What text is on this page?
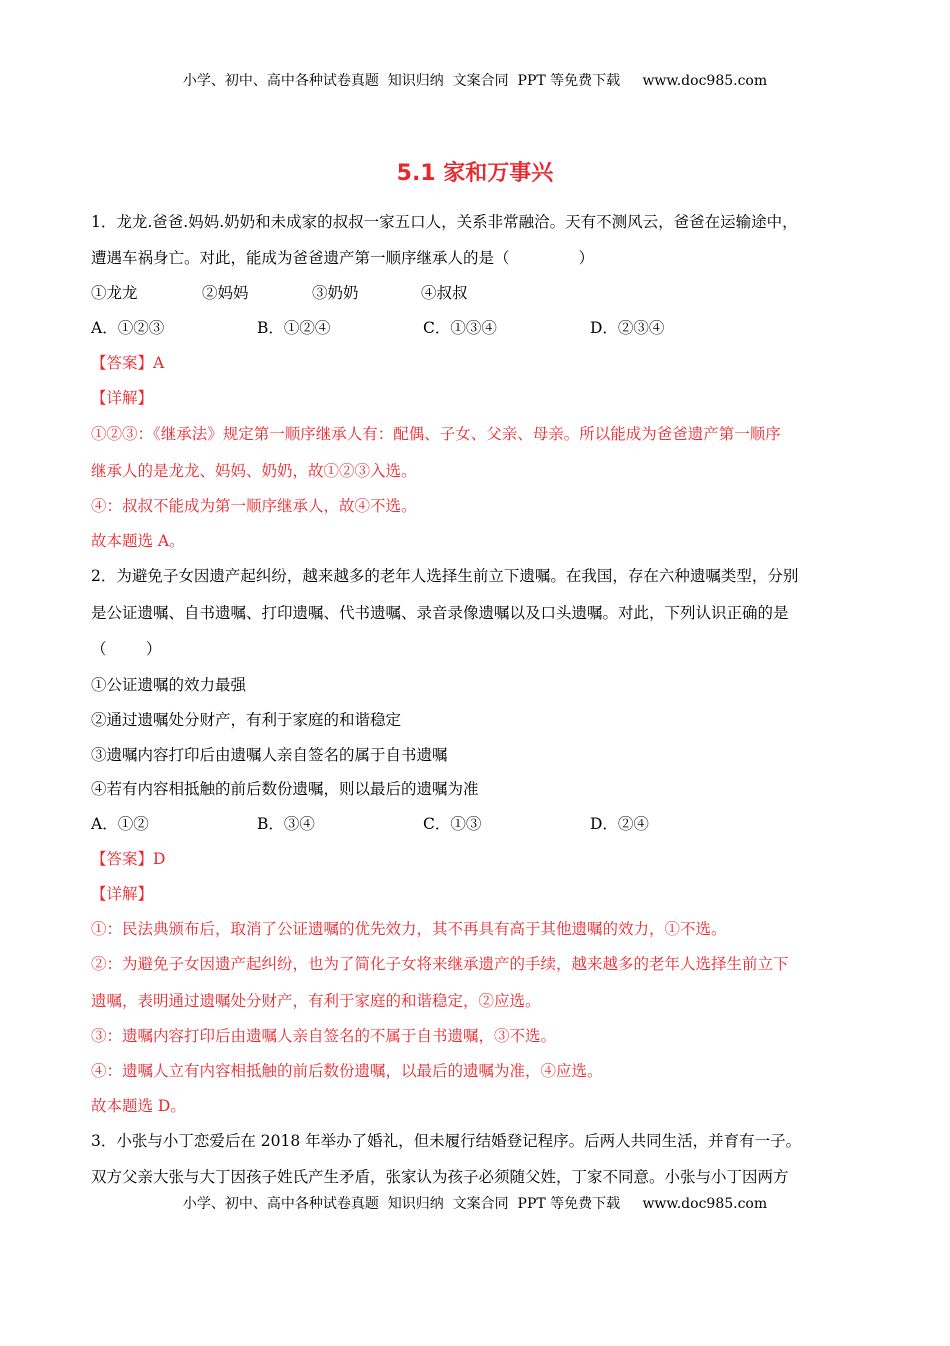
小学、初中、高中各种试卷真题  知识归纳  文案合同  PPT 等免费下载     www.doc985.com
5.1 家和万事兴
1．龙龙.爸爸.妈妈.奶奶和未成家的叔叔一家五口人，关系非常融洽。天有不测风云，爸爸在运输途中，
遭遇车祸身亡。对此，能成为爸爸遗产第一顺序继承人的是（              ）
①龙龙	②妈妈	③奶奶	④叔叔
A．①②③	B．①②④	C．①③④	D．②③④
【答案】A
【详解】
①②③：《继承法》规定第一顺序继承人有：配偶、子女、父亲、母亲。所以能成为爸爸遗产第一顺序
继承人的是龙龙、妈妈、奶奶，故①②③入选。
④：叔叔不能成为第一顺序继承人，故④不选。
故本题选 A。
2．为避免子女因遗产起纠纷，越来越多的老年人选择生前立下遗嘱。在我国，存在六种遗嘱类型，分别
是公证遗嘱、自书遗嘱、打印遗嘱、代书遗嘱、录音录像遗嘱以及口头遗嘱。对此，下列认识正确的是
（        ）
①公证遗嘱的效力最强
②通过遗嘱处分财产，有利于家庭的和谐稳定
③遗嘱内容打印后由遗嘱人亲自签名的属于自书遗嘱
④若有内容相抵触的前后数份遗嘱，则以最后的遗嘱为准
A．①②	B．③④	C．①③	D．②④
【答案】D
【详解】
①：民法典颁布后，取消了公证遗嘱的优先效力，其不再具有高于其他遗嘱的效力，①不选。
②：为避免子女因遗产起纠纷，也为了简化子女将来继承遗产的手续，越来越多的老年人选择生前立下
遗嘱，表明通过遗嘱处分财产，有利于家庭的和谐稳定，②应选。
③：遗嘱内容打印后由遗嘱人亲自签名的不属于自书遗嘱，③不选。
④：遗嘱人立有内容相抵触的前后数份遗嘱，以最后的遗嘱为准，④应选。
故本题选 D。
3．小张与小丁恋爱后在 2018 年举办了婚礼，但未履行结婚登记程序。后两人共同生活，并育有一子。
双方父亲大张与大丁因孩子姓氏产生矛盾，张家认为孩子必须随父姓，丁家不同意。小张与小丁因两方
小学、初中、高中各种试卷真题  知识归纳  文案合同  PPT 等免费下载     www.doc985.com
